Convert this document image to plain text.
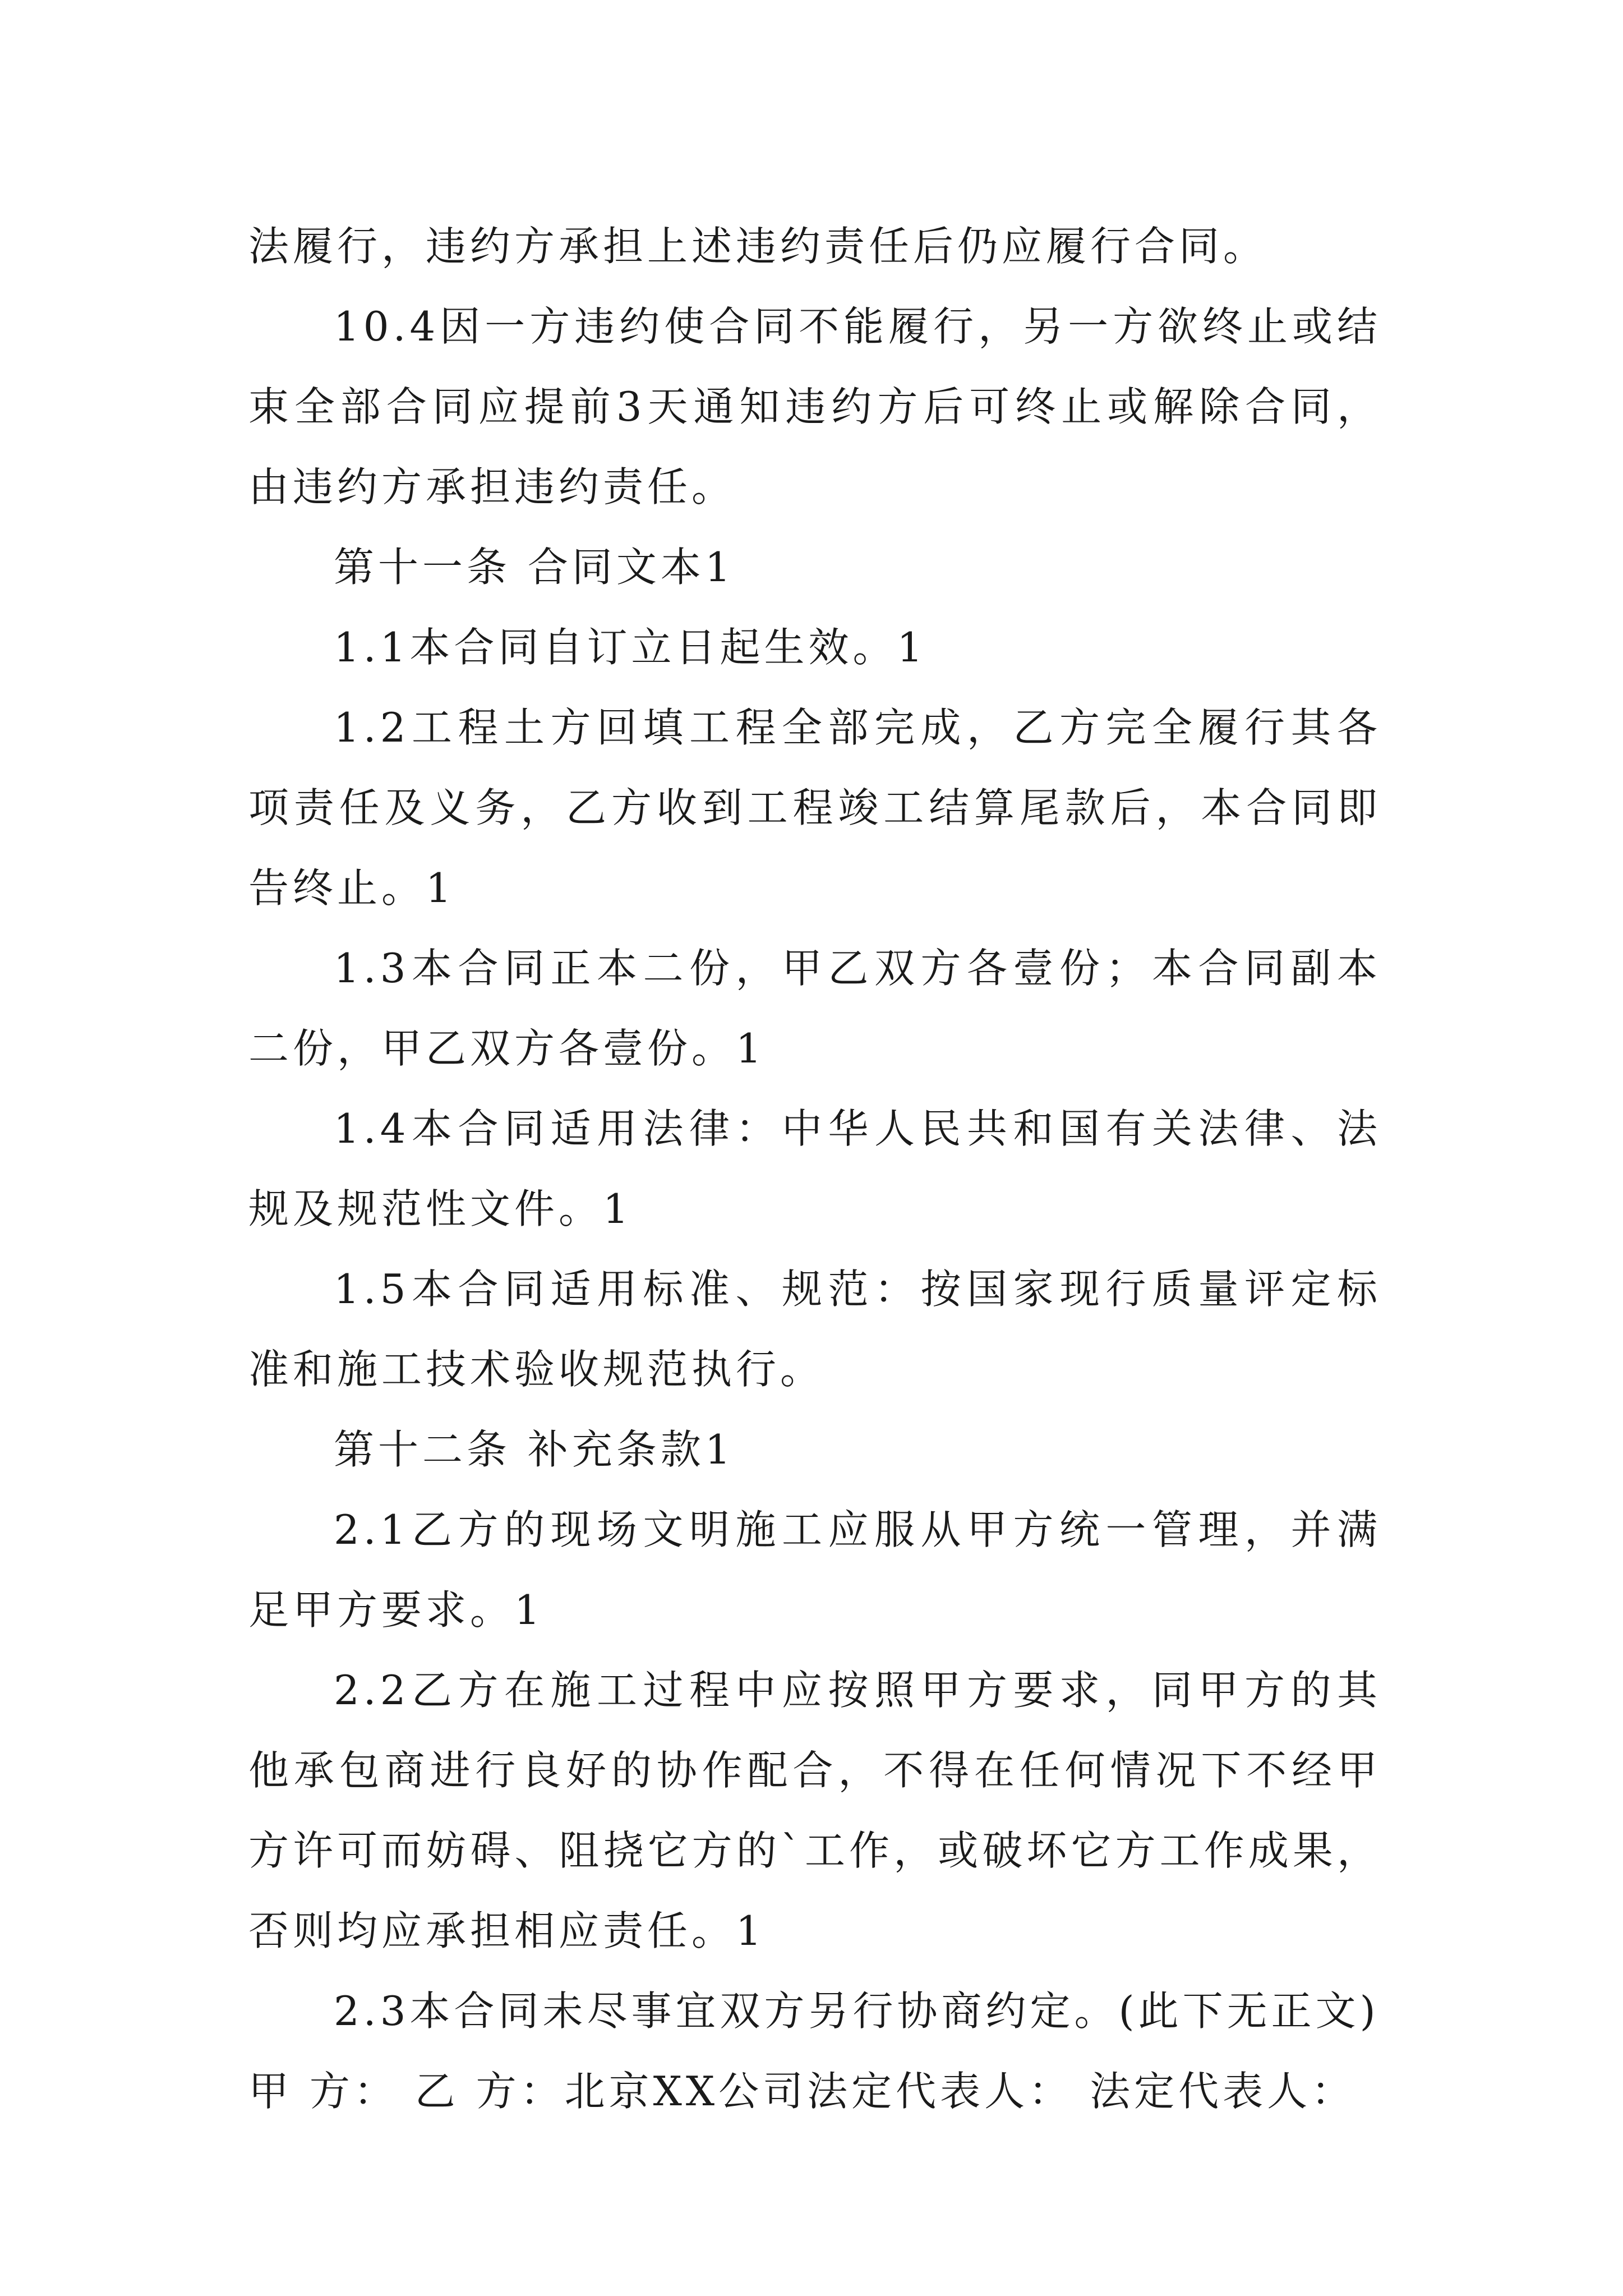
法履行，违约方承担上述违约责任后仍应履行合同。

10.4因一方违约使合同不能履行，另一方欲终止或结束全部合同应提前3天通知违约方后可终止或解除合同，由违约方承担违约责任。

第十一条 合同文本1

1.1本合同自订立日起生效。1

1.2工程土方回填工程全部完成，乙方完全履行其各项责任及义务，乙方收到工程竣工结算尾款后，本合同即告终止。1

1.3本合同正本二份，甲乙双方各壹份；本合同副本二份，甲乙双方各壹份。1

1.4本合同适用法律：中华人民共和国有关法律、法规及规范性文件。1

1.5本合同适用标准、规范：按国家现行质量评定标准和施工技术验收规范执行。

第十二条 补充条款1

2.1乙方的现场文明施工应服从甲方统一管理，并满足甲方要求。1

2.2乙方在施工过程中应按照甲方要求，同甲方的其他承包商进行良好的协作配合，不得在任何情况下不经甲方许可而妨碍、阻挠它方的`工作，或破坏它方工作成果，否则均应承担相应责任。1

2.3本合同未尽事宜双方另行协商约定。(此下无正文)

甲 方： 乙 方：北京XX公司法定代表人： 法定代表人：
